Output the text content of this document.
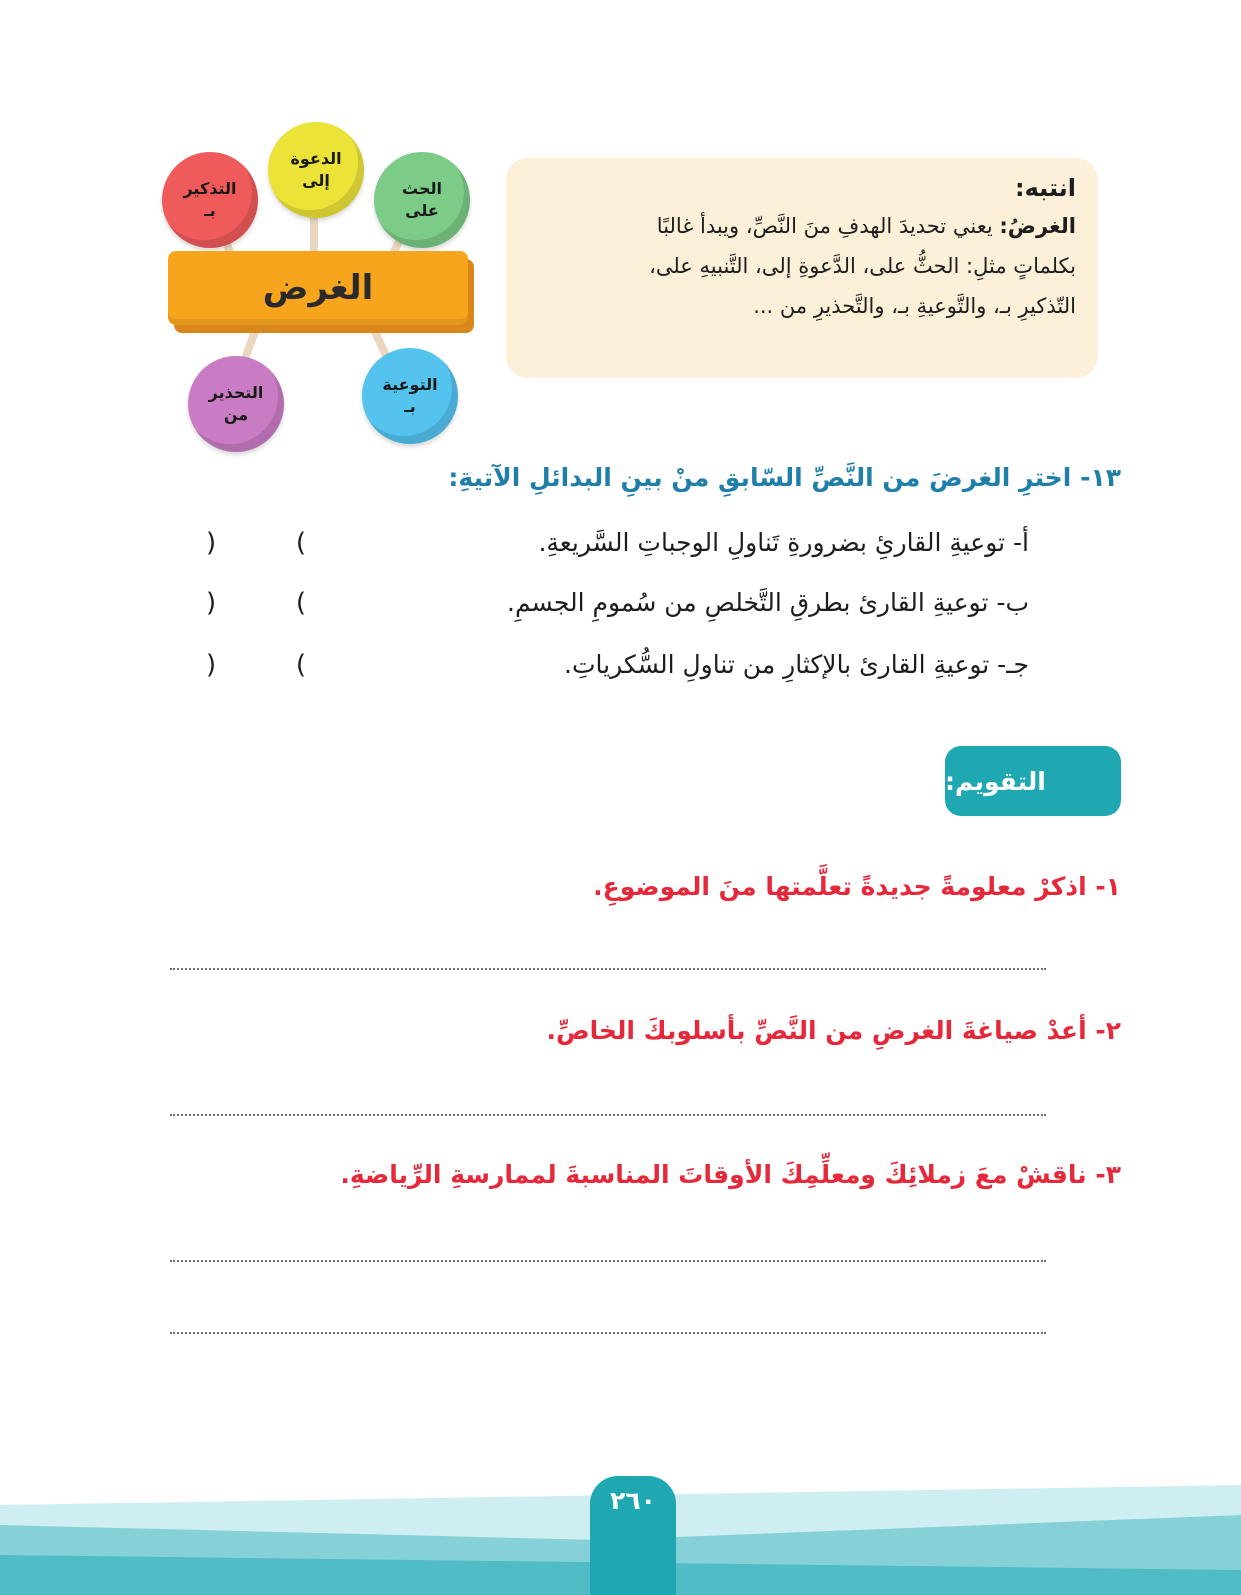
انتبه:
الغرضُ: يعني تحديدَ الهدفِ منَ النَّصِّ، ويبدأ غالبًا
بكلماتٍ مثلِ: الحثُّ على، الدَّعوةِ إلى، التَّنبيهِ على،
التّذكيرِ بـ، والتَّوعيةِ بـ، والتَّحذيرِ من ...
التذكير
بـ
الدعوة
إلى	الحث
على
الغرض
التحذير
من
التوعية
بـ
١٣- اخترِ الغرضَ من النَّصِّ السّابقِ منْ بينِ البدائلِ الآتيةِ:
أ- توعيةِ القارئِ بضرورةِ تَناولِ الوجباتِ السَّريعةِ.
)	(
ب- توعيةِ القارئ بطرقِ التَّخلصِ من سُمومِ الجسمِ.
)	(
جـ- توعيةِ القارئ بالإكثارِ من تناولِ السُّكرياتِ.
)	(
التقويم:
١- اذكرْ معلومةً جديدةً تعلَّمتها منَ الموضوعِ.
٢- أعدْ صياغةَ الغرضِ من النَّصِّ بأسلوبكَ الخاصِّ.
٣- ناقشْ معَ زملائِكَ ومعلِّمِكَ الأوقاتَ المناسبةَ لممارسةِ الرِّياضةِ.
٢٦٠
